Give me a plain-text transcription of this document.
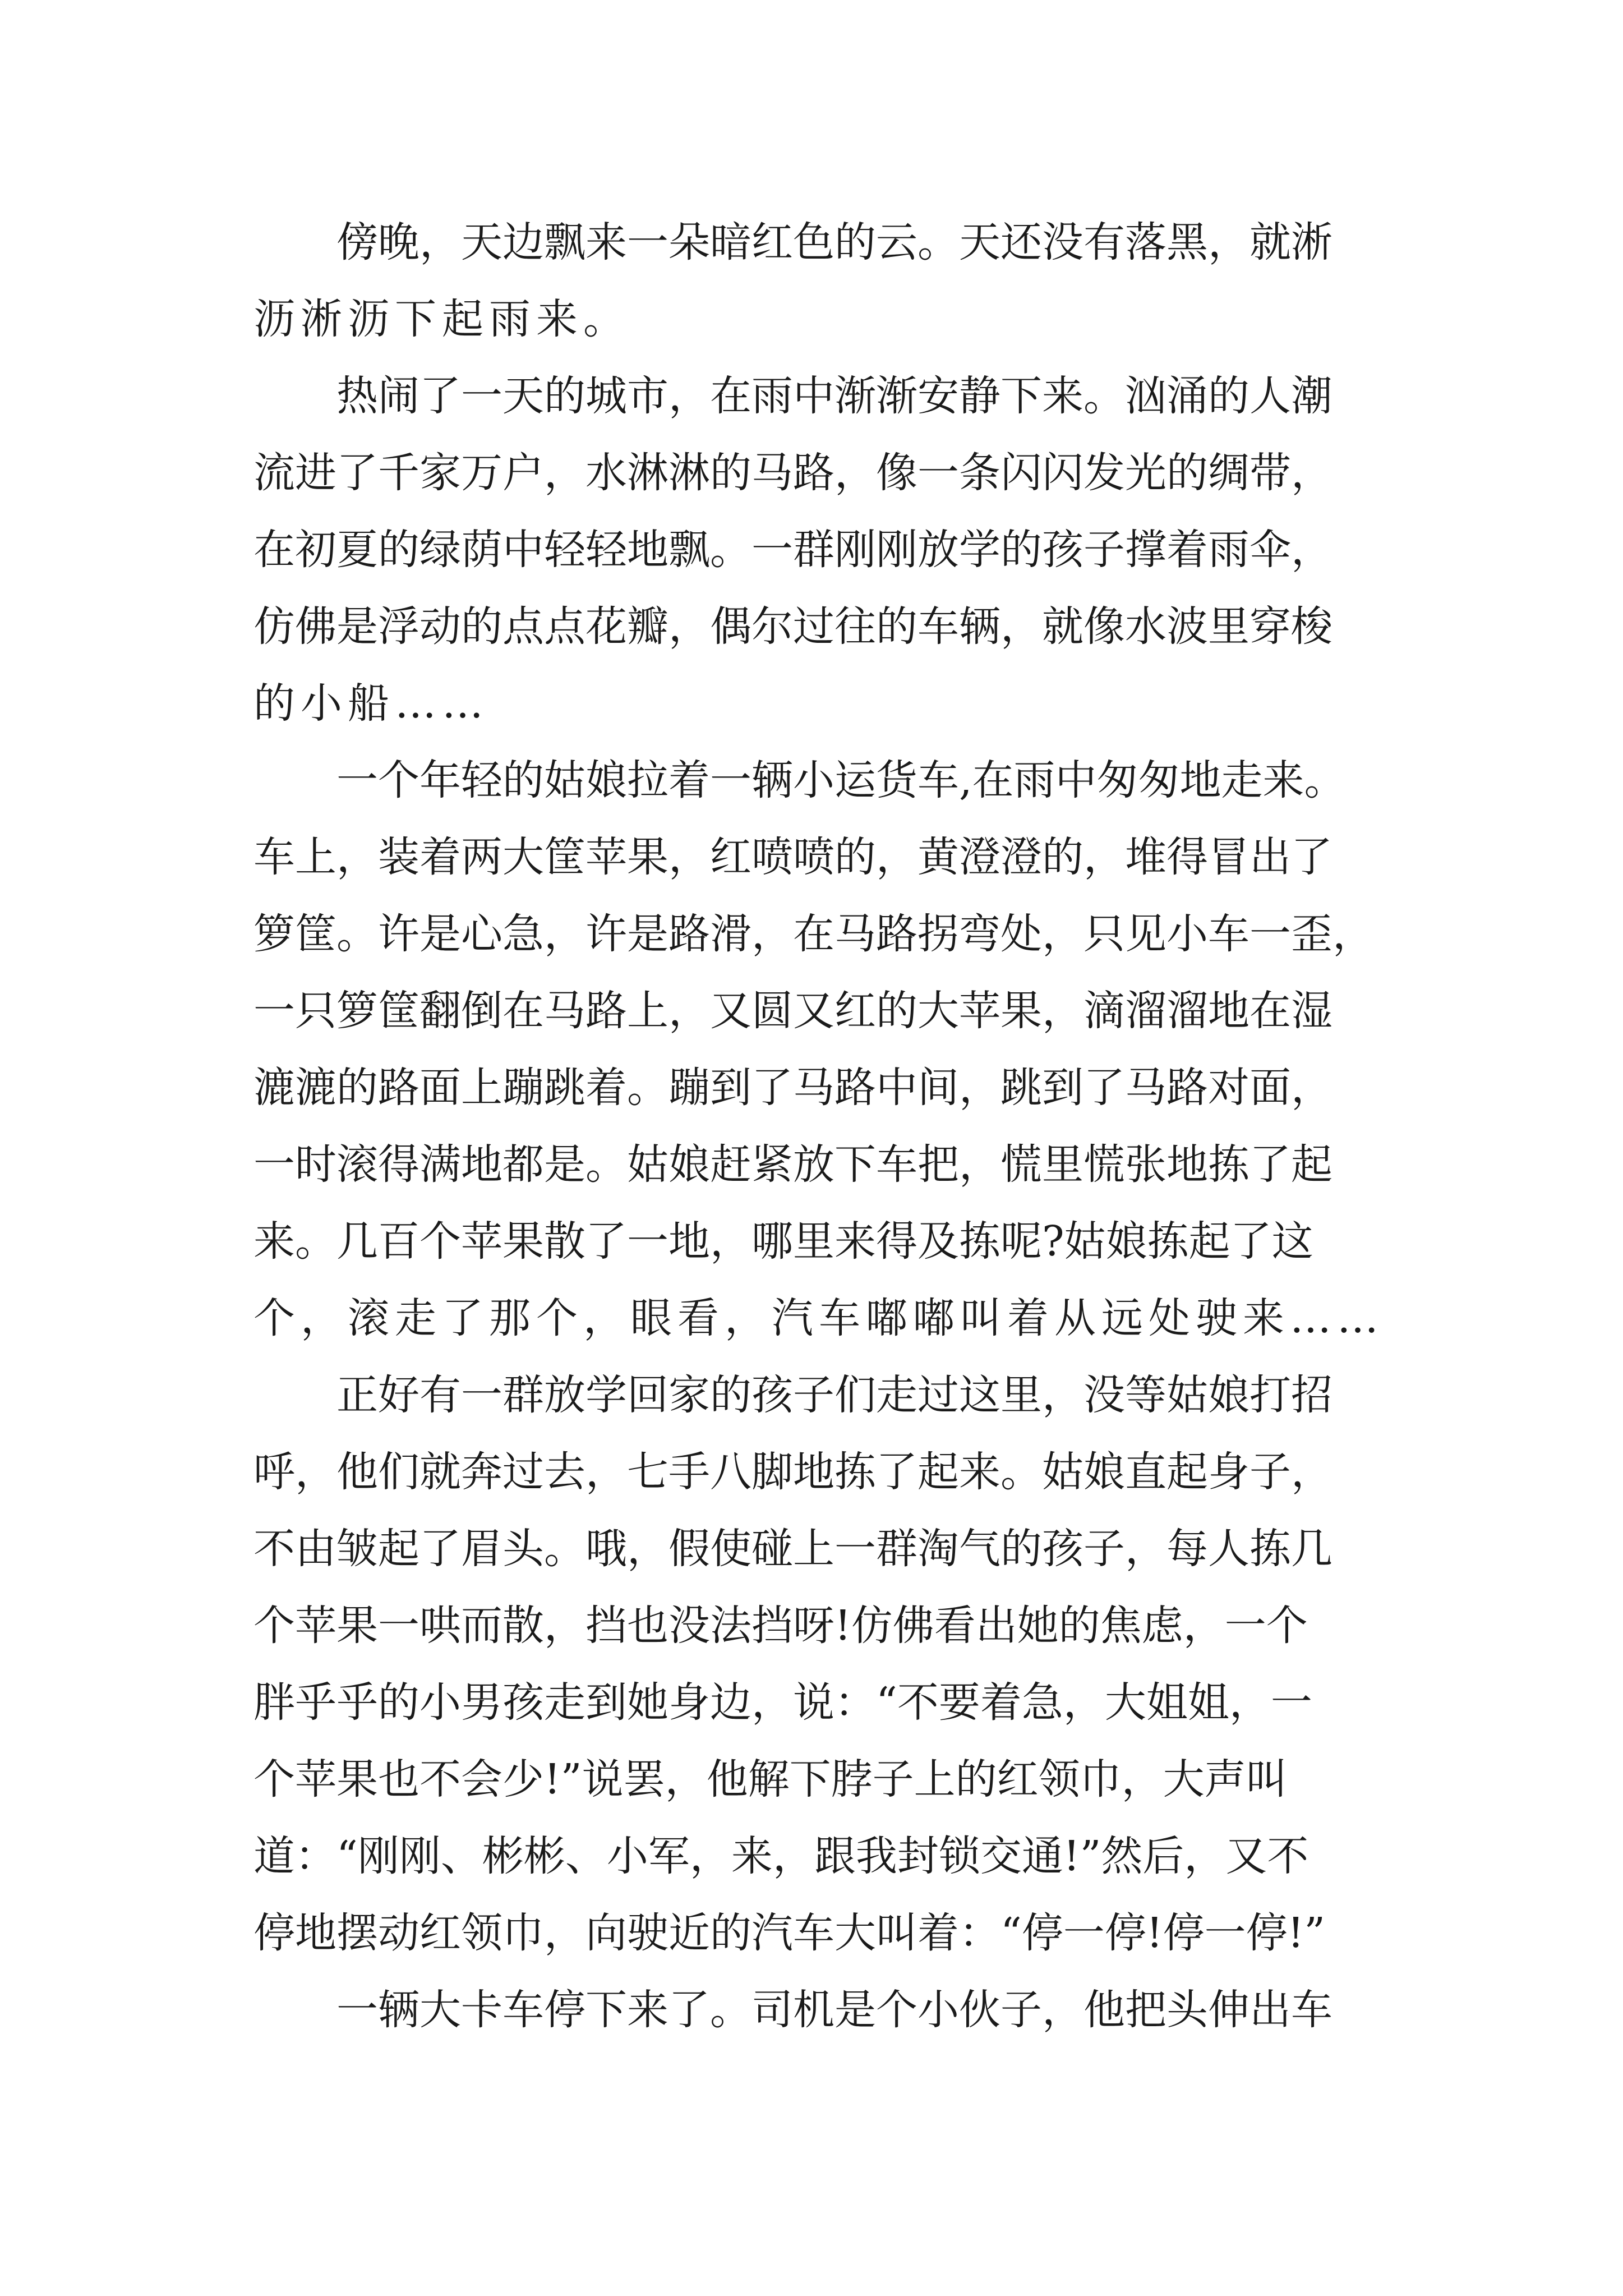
傍晚，天边飘来一朵暗红色的云。天还没有落黑，就淅
沥淅沥下起雨来。
热闹了一天的城市，在雨中渐渐安静下来。汹涌的人潮
流进了千家万户，水淋淋的马路，像一条闪闪发光的绸带，
在初夏的绿荫中轻轻地飘。一群刚刚放学的孩子撑着雨伞，
仿佛是浮动的点点花瓣，偶尔过往的车辆，就像水波里穿梭
的小船……
一个年轻的姑娘拉着一辆小运货车,在雨中匆匆地走来。
车上，装着两大筐苹果，红喷喷的，黄澄澄的，堆得冒出了
箩筐。许是心急，许是路滑，在马路拐弯处，只见小车一歪，
一只箩筐翻倒在马路上，又圆又红的大苹果，滴溜溜地在湿
漉漉的路面上蹦跳着。蹦到了马路中间，跳到了马路对面，
一时滚得满地都是。姑娘赶紧放下车把，慌里慌张地拣了起
来。几百个苹果散了一地，哪里来得及拣呢?姑娘拣起了这
个，滚走了那个，眼看，汽车嘟嘟叫着从远处驶来……
正好有一群放学回家的孩子们走过这里，没等姑娘打招
呼，他们就奔过去，七手八脚地拣了起来。姑娘直起身子，
不由皱起了眉头。哦，假使碰上一群淘气的孩子，每人拣几
个苹果一哄而散，挡也没法挡呀!仿佛看出她的焦虑，一个
胖乎乎的小男孩走到她身边，说：“不要着急，大姐姐，一
个苹果也不会少!”说罢，他解下脖子上的红领巾，大声叫
道：“刚刚、彬彬、小军，来，跟我封锁交通!”然后，又不
停地摆动红领巾，向驶近的汽车大叫着：“停一停!停一停!”
一辆大卡车停下来了。司机是个小伙子，他把头伸出车
